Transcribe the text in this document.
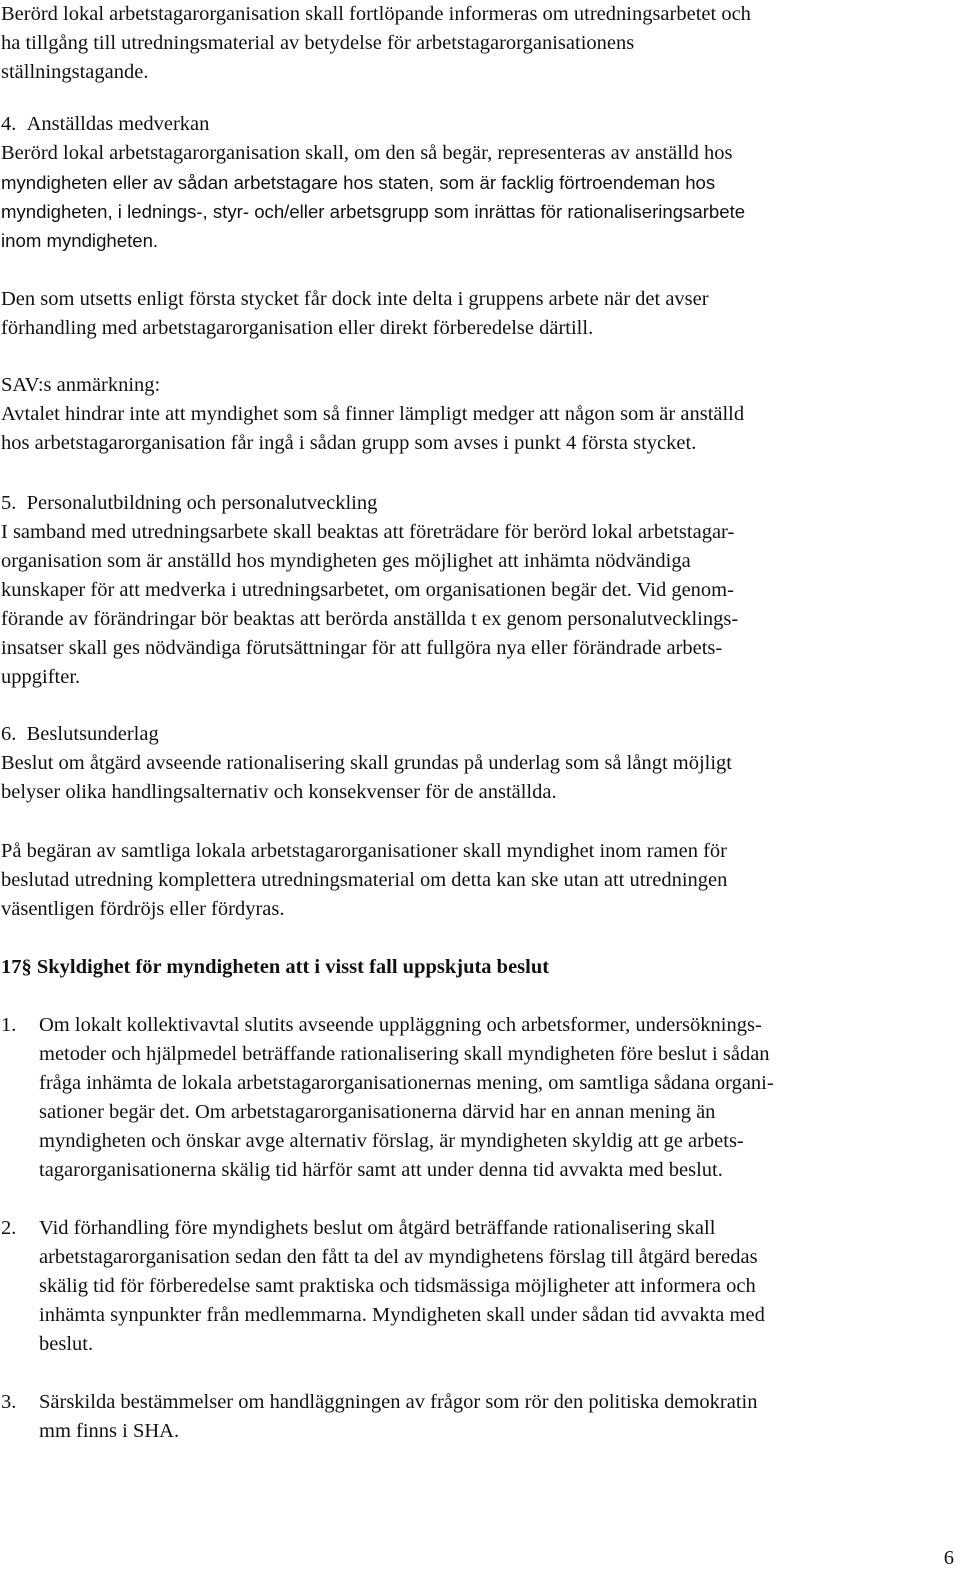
Berörd lokal arbetstagarorganisation skall fortlöpande informeras om utredningsarbetet och
ha tillgång till utredningsmaterial av betydelse för arbetstagarorganisationens
ställningstagande.
4. Anställdas medverkan
Berörd lokal arbetstagarorganisation skall, om den så begär, representeras av anställd hos
myndigheten eller av sådan arbetstagare hos staten, som är facklig förtroendeman hos
myndigheten, i lednings-, styr- och/eller arbetsgrupp som inrättas för rationaliseringsarbete
inom myndigheten.
Den som utsetts enligt första stycket får dock inte delta i gruppens arbete när det avser
förhandling med arbetstagarorganisation eller direkt förberedelse därtill.
SAV:s anmärkning:
Avtalet hindrar inte att myndighet som så finner lämpligt medger att någon som är anställd
hos arbetstagarorganisation får ingå i sådan grupp som avses i punkt 4 första stycket.
5. Personalutbildning och personalutveckling
I samband med utredningsarbete skall beaktas att företrädare för berörd lokal arbetstagar-
organisation som är anställd hos myndigheten ges möjlighet att inhämta nödvändiga
kunskaper för att medverka i utredningsarbetet, om organisationen begär det. Vid genom-
förande av förändringar bör beaktas att berörda anställda t ex genom personalutvecklings-
insatser skall ges nödvändiga förutsättningar för att fullgöra nya eller förändrade arbets-
uppgifter.
6. Beslutsunderlag
Beslut om åtgärd avseende rationalisering skall grundas på underlag som så långt möjligt
belyser olika handlingsalternativ och konsekvenser för de anställda.
På begäran av samtliga lokala arbetstagarorganisationer skall myndighet inom ramen för
beslutad utredning komplettera utredningsmaterial om detta kan ske utan att utredningen
väsentligen fördröjs eller fördyras.
17§ Skyldighet för myndigheten att i visst fall uppskjuta beslut
1. Om lokalt kollektivavtal slutits avseende uppläggning och arbetsformer, undersöknings-
metoder och hjälpmedel beträffande rationalisering skall myndigheten före beslut i sådan
fråga inhämta de lokala arbetstagarorganisationernas mening, om samtliga sådana organi-
sationer begär det. Om arbetstagarorganisationerna därvid har en annan mening än
myndigheten och önskar avge alternativ förslag, är myndigheten skyldig att ge arbets-
tagarorganisationerna skälig tid härför samt att under denna tid avvakta med beslut.
2. Vid förhandling före myndighets beslut om åtgärd beträffande rationalisering skall
arbetstagarorganisation sedan den fått ta del av myndighetens förslag till åtgärd beredas
skälig tid för förberedelse samt praktiska och tidsmässiga möjligheter att informera och
inhämta synpunkter från medlemmarna. Myndigheten skall under sådan tid avvakta med
beslut.
3. Särskilda bestämmelser om handläggningen av frågor som rör den politiska demokratin
mm finns i SHA.
6
